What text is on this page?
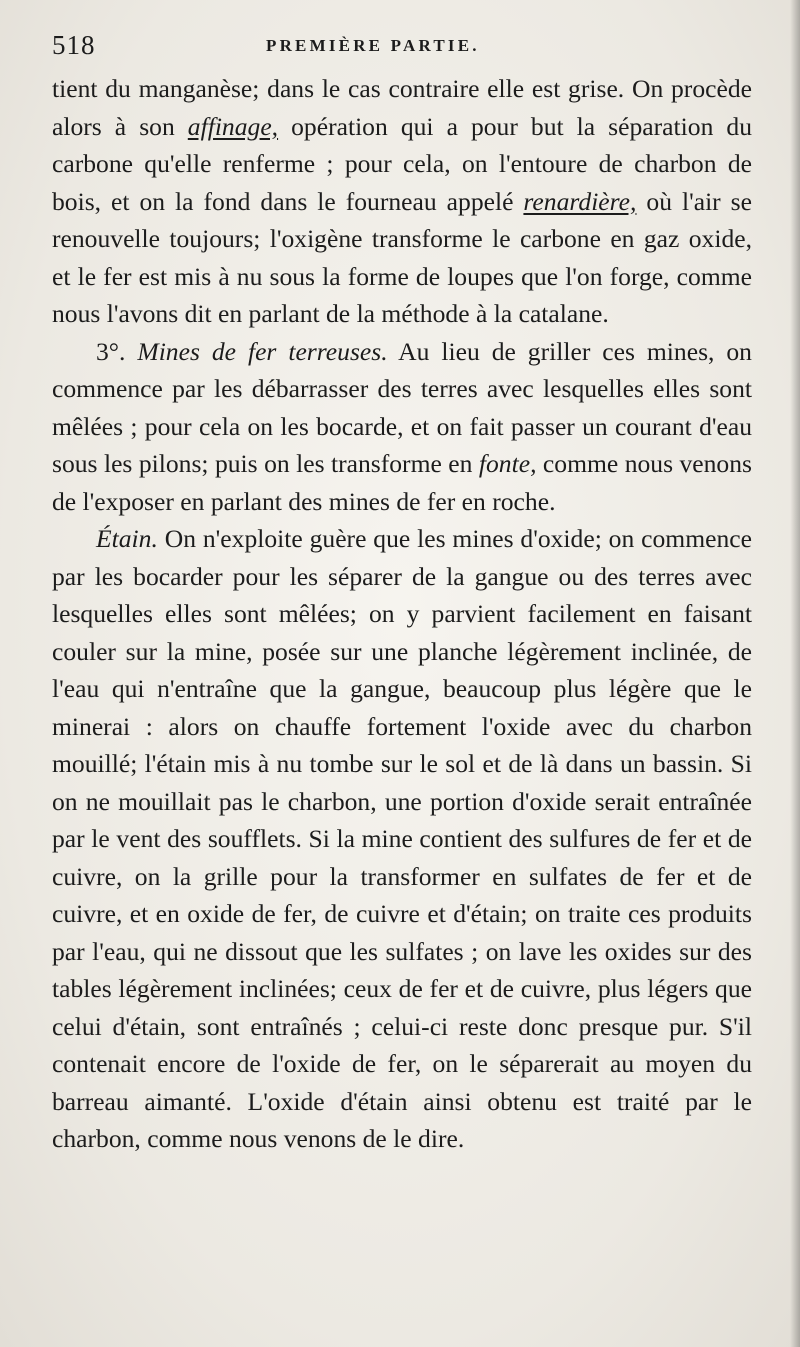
518	PREMIÈRE PARTIE.

tient du manganèse; dans le cas contraire elle est grise. On procède alors à son affinage, opération qui a pour but la séparation du carbone qu'elle renferme ; pour cela, on l'entoure de charbon de bois, et on la fond dans le fourneau appelé renardière, où l'air se renouvelle toujours; l'oxigène transforme le carbone en gaz oxide, et le fer est mis à nu sous la forme de loupes que l'on forge, comme nous l'avons dit en parlant de la méthode à la catalane.

3°. Mines de fer terreuses. Au lieu de griller ces mines, on commence par les débarrasser des terres avec lesquelles elles sont mêlées ; pour cela on les bocarde, et on fait passer un courant d'eau sous les pilons; puis on les transforme en fonte, comme nous venons de l'exposer en parlant des mines de fer en roche.

Étain. On n'exploite guère que les mines d'oxide; on commence par les bocarder pour les séparer de la gangue ou des terres avec lesquelles elles sont mêlées; on y parvient facilement en faisant couler sur la mine, posée sur une planche légèrement inclinée, de l'eau qui n'entraîne que la gangue, beaucoup plus légère que le minerai : alors on chauffe fortement l'oxide avec du charbon mouillé; l'étain mis à nu tombe sur le sol et de là dans un bassin. Si on ne mouillait pas le charbon, une portion d'oxide serait entraînée par le vent des soufflets. Si la mine contient des sulfures de fer et de cuivre, on la grille pour la transformer en sulfates de fer et de cuivre, et en oxide de fer, de cuivre et d'étain; on traite ces produits par l'eau, qui ne dissout que les sulfates ; on lave les oxides sur des tables légèrement inclinées; ceux de fer et de cuivre, plus légers que celui d'étain, sont entraînés ; celui-ci reste donc presque pur. S'il contenait encore de l'oxide de fer, on le séparerait au moyen du barreau aimanté. L'oxide d'étain ainsi obtenu est traité par le charbon, comme nous venons de le dire.
